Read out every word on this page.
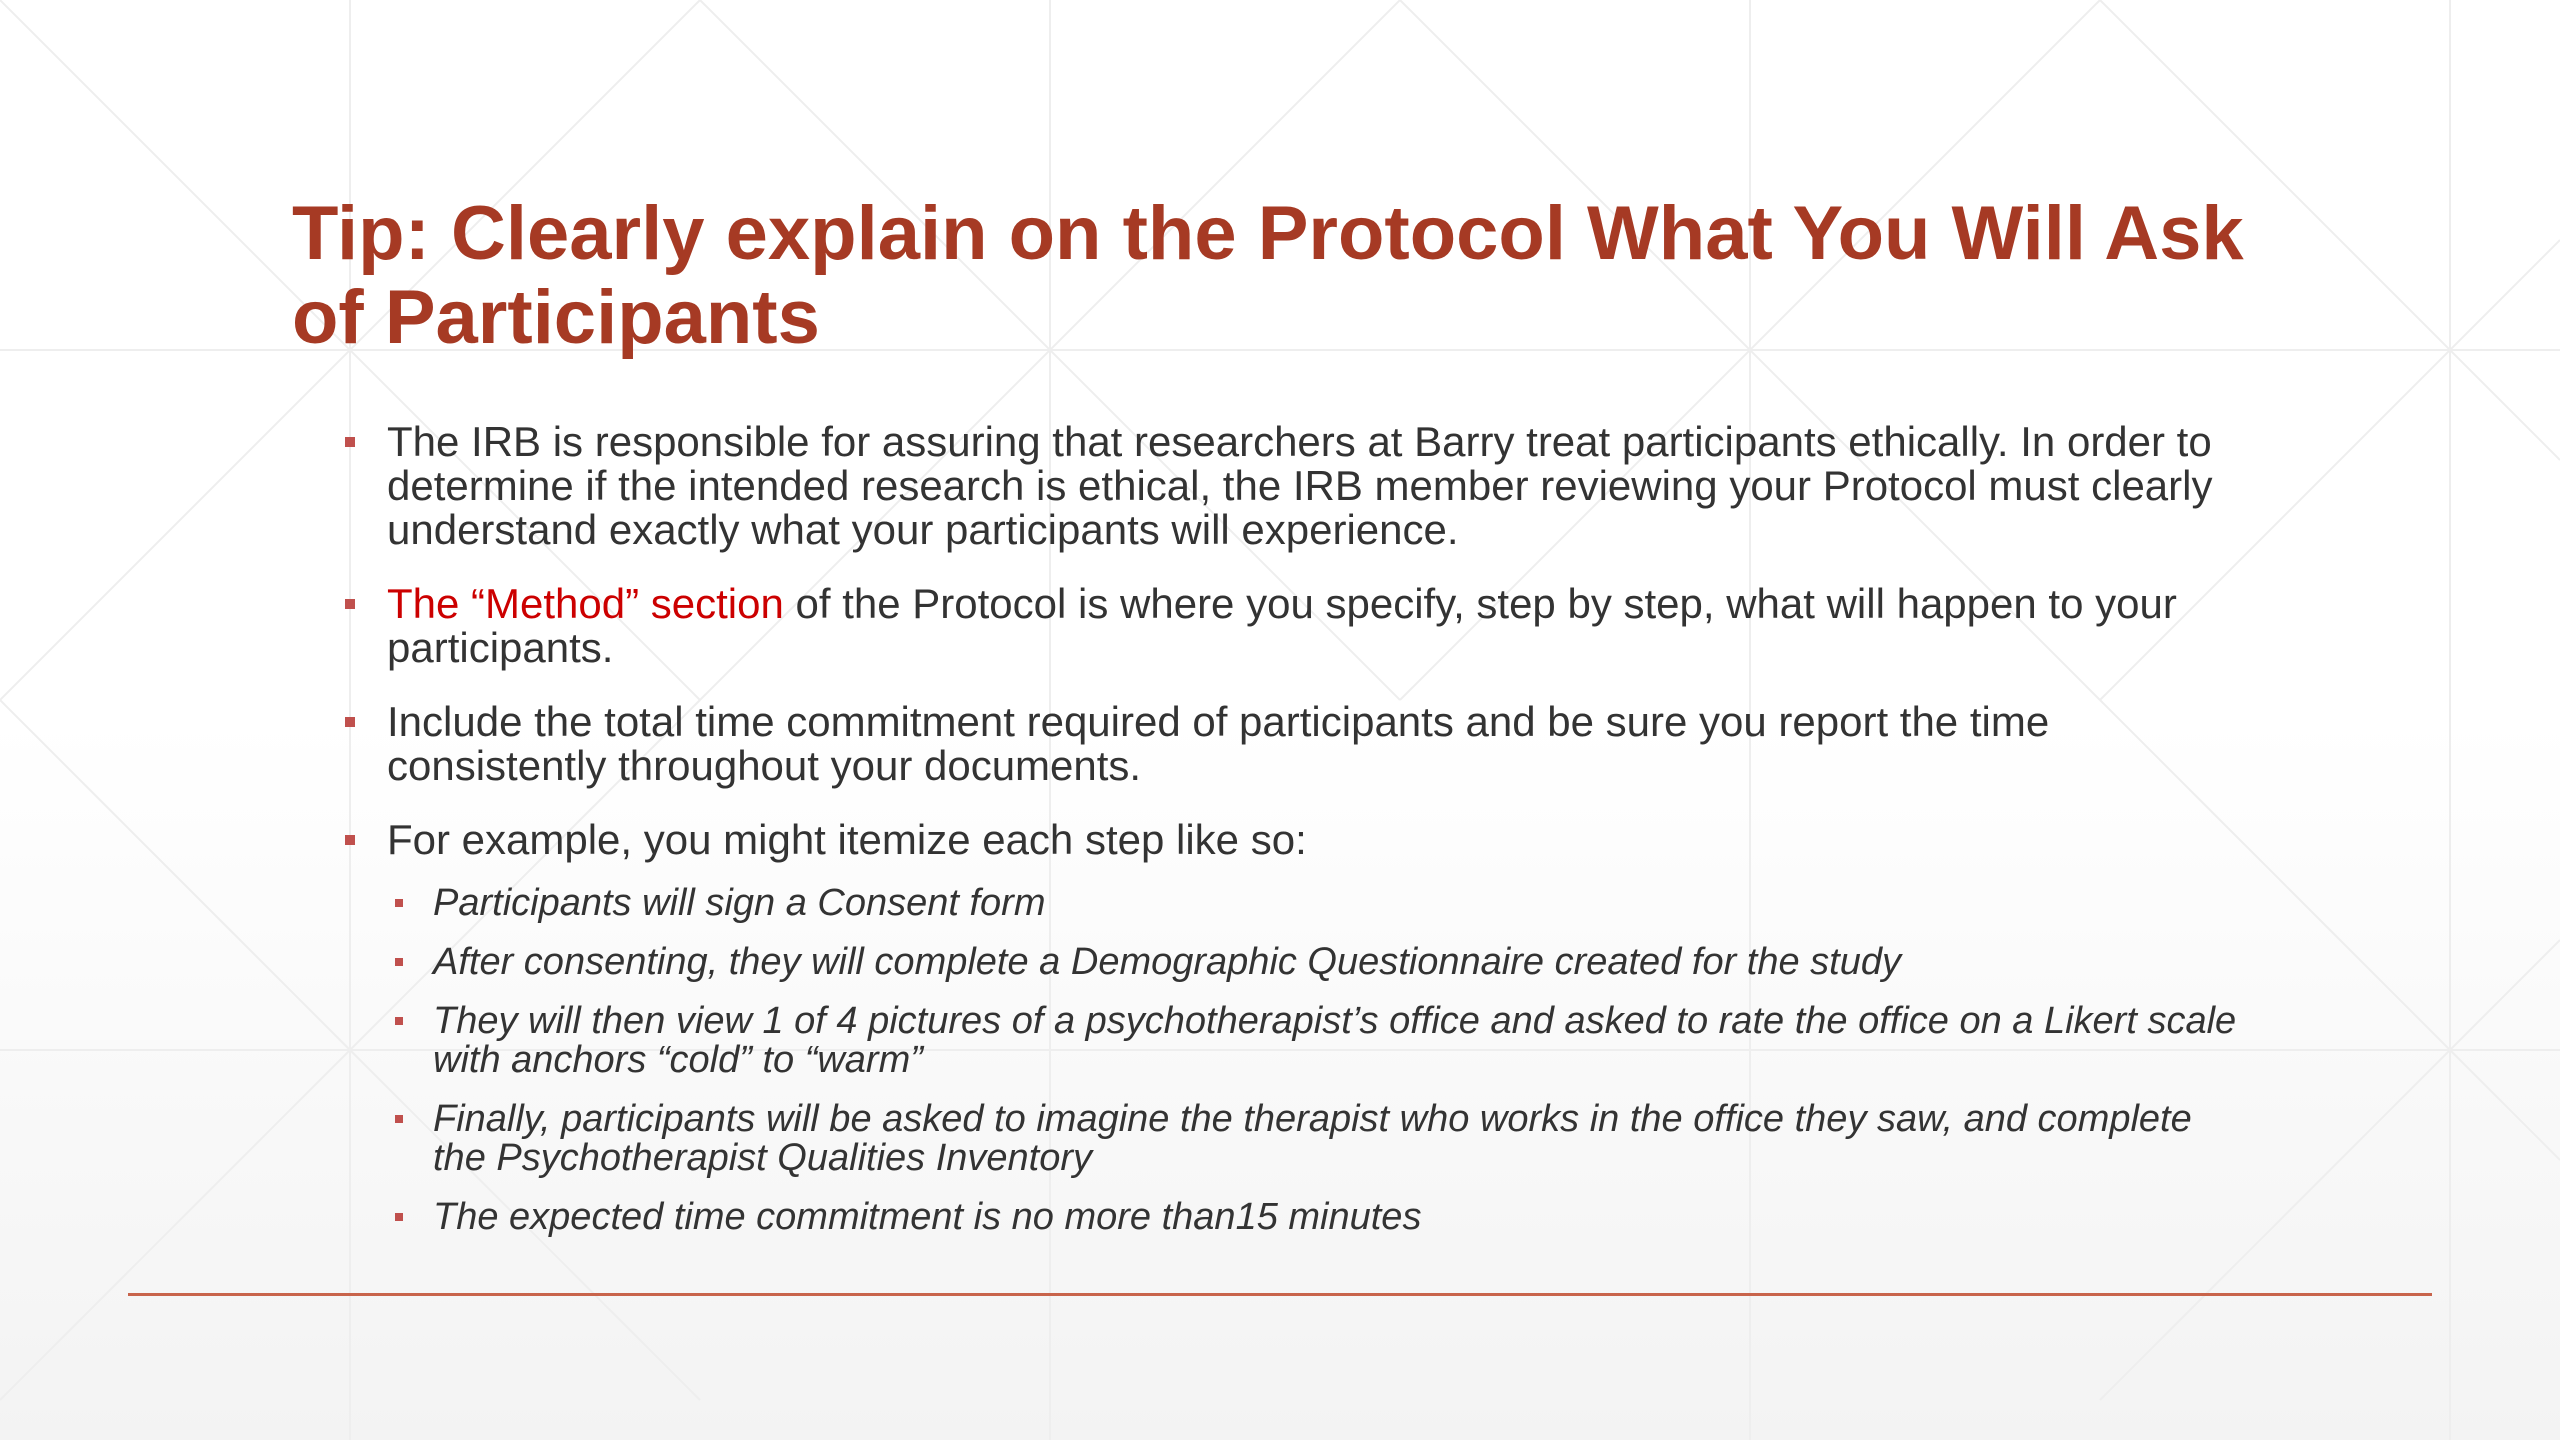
Tip: Clearly explain on the Protocol What You Will Ask of Participants
The IRB is responsible for assuring that researchers at Barry treat participants ethically. In order to determine if the intended research is ethical, the IRB member reviewing your Protocol must clearly understand exactly what your participants will experience.
The “Method” section of the Protocol is where you specify, step by step, what will happen to your participants.
Include the total time commitment required of participants and be sure you report the time consistently throughout your documents.
For example, you might itemize each step like so:
Participants will sign a Consent form
After consenting, they will complete a Demographic Questionnaire created for the study
They will then view 1 of 4 pictures of a psychotherapist’s office and asked to rate the office on a Likert scale with anchors “cold” to “warm”
Finally, participants will be asked to imagine the therapist who works in the office they saw, and complete the Psychotherapist Qualities Inventory
The expected time commitment is no more than15 minutes
